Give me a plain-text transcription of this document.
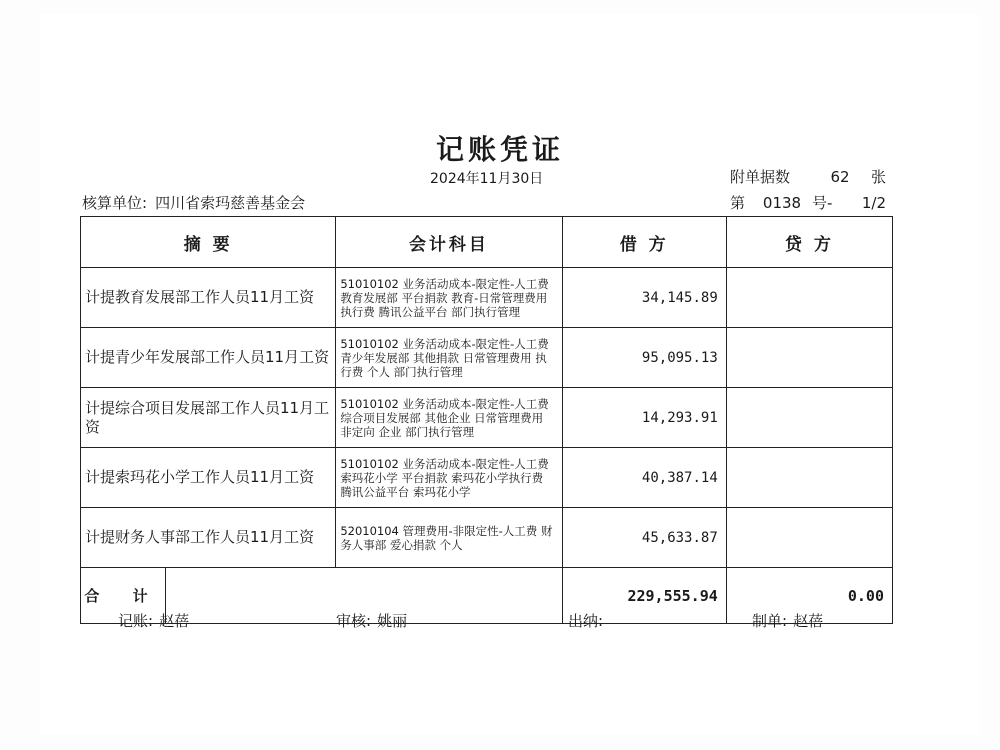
记账凭证
2024年11月30日	附单据数	62 张
第 0138 号- 1/2
核算单位: 四川省索玛慈善基金会
摘 要	会计科目	借 方	贷 方
计提教育发展部工作人员11月工资	51010102 业务活动成本-限定性-人工费 教育发展部 平台捐款 教育-日常管理费用 执行费 腾讯公益平台 部门执行管理	34,145.89	
计提青少年发展部工作人员11月工资	51010102 业务活动成本-限定性-人工费 青少年发展部 其他捐款 日常管理费用 执行费 个人 部门执行管理	95,095.13	
计提综合项目发展部工作人员11月工资	51010102 业务活动成本-限定性-人工费 综合项目发展部 其他企业 日常管理费用 非定向 企业 部门执行管理	14,293.91	
计提索玛花小学工作人员11月工资	51010102 业务活动成本-限定性-人工费 索玛花小学 平台捐款 索玛花小学执行费 腾讯公益平台 索玛花小学	40,387.14	
计提财务人事部工作人员11月工资	52010104 管理费用-非限定性-人工费 财务人事部 爱心捐款 个人	45,633.87	

合 计		229,555.94	0.00
记账: 赵蓓	审核: 姚丽	出纳:	制单: 赵蓓
